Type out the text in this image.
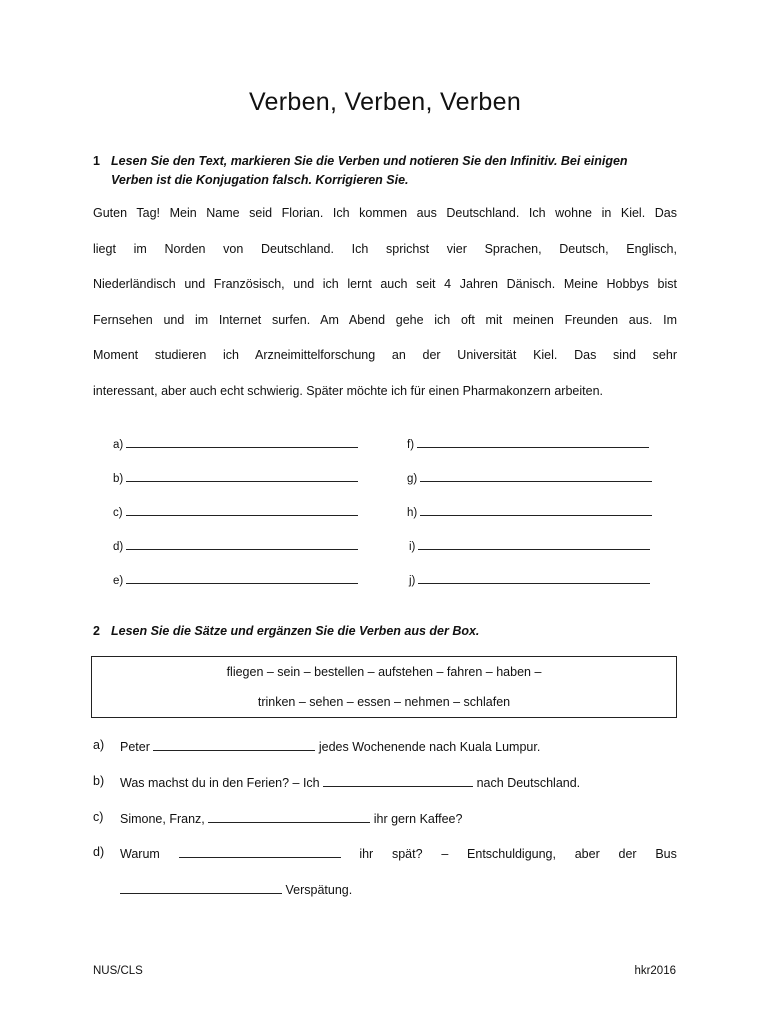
Verben, Verben, Verben
1 Lesen Sie den Text, markieren Sie die Verben und notieren Sie den Infinitiv. Bei einigen
Verben ist die Konjugation falsch. Korrigieren Sie.
Guten Tag! Mein Name seid Florian. Ich kommen aus Deutschland. Ich wohne in Kiel. Das
liegt im Norden von Deutschland. Ich sprichst vier Sprachen, Deutsch, Englisch,
Niederländisch und Französisch, und ich lernt auch seit 4 Jahren Dänisch. Meine Hobbys bist
Fernsehen und im Internet surfen. Am Abend gehe ich oft mit meinen Freunden aus. Im
Moment studieren ich Arzneimittelforschung an der Universität Kiel. Das sind sehr
interessant, aber auch echt schwierig. Später möchte ich für einen Pharmakonzern arbeiten.
a)	f)
b)	g)
c)	h)
d)	i)
e)	j)
2 Lesen Sie die Sätze und ergänzen Sie die Verben aus der Box.
fliegen – sein – bestellen – aufstehen – fahren – haben –
trinken – sehen – essen – nehmen – schlafen
a) Peter	jedes Wochenende nach Kuala Lumpur.
b) Was machst du in den Ferien? – Ich	nach Deutschland.
c) Simone, Franz,	ihr gern Kaffee?
d) Warum	ihr spät? – Entschuldigung, aber der Bus
Verspätung.
NUS/CLS	hkr2016
